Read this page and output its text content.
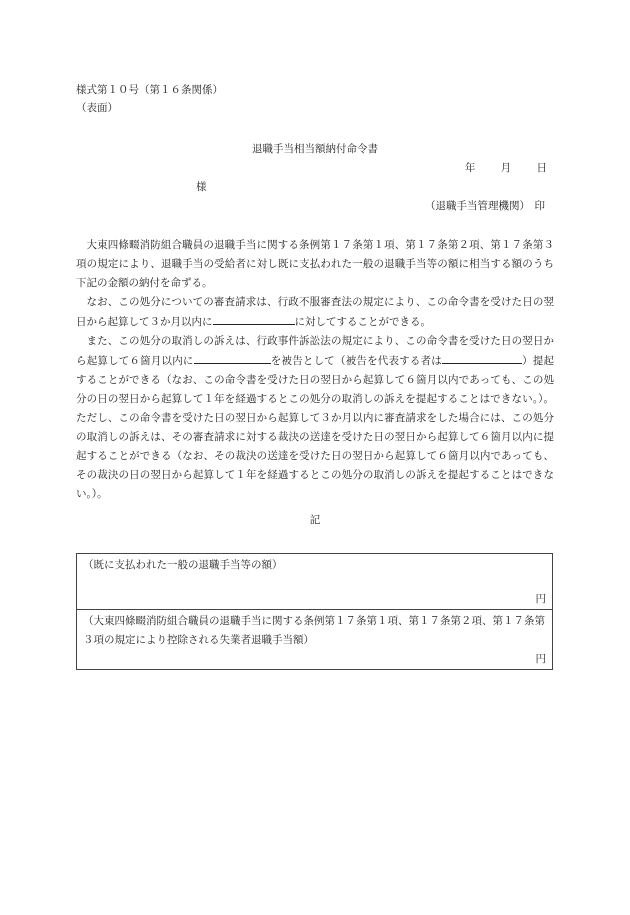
様式第１０号（第１６条関係）
（表面）
退職手当相当額納付命令書
年 月 日
様
（退職手当管理機関） 印

大東四條畷消防組合職員の退職手当に関する条例第１７条第１項、第１７条第２項、第１７条第３項の規定により、退職手当の受給者に対し既に支払われた一般の退職手当等の額に相当する額のうち下記の金額の納付を命ずる。

なお、この処分についての審査請求は、行政不服審査法の規定により、この命令書を受けた日の翌日から起算して３か月以内に	に対してすることができる。

また、この処分の取消しの訴えは、行政事件訴訟法の規定により、この命令書を受けた日の翌日から起算して６箇月以内に	を被告として（被告を代表する者は	）提起することができる（なお、この命令書を受けた日の翌日から起算して６箇月以内であっても、この処分の日の翌日から起算して１年を経過するとこの処分の取消しの訴えを提起することはできない。）。ただし、この命令書を受けた日の翌日から起算して３か月以内に審査請求をした場合には、この処分の取消しの訴えは、その審査請求に対する裁決の送達を受けた日の翌日から起算して６箇月以内に提起することができる（なお、その裁決の送達を受けた日の翌日から起算して６箇月以内であっても、その裁決の日の翌日から起算して１年を経過するとこの処分の取消しの訴えを提起することはできない。）。

記
（既に支払われた一般の退職手当等の額）
円
（大東四條畷消防組合職員の退職手当に関する条例第１７条第１項、第１７条第２項、第１７条第３項の規定により控除される失業者退職手当額）
円
